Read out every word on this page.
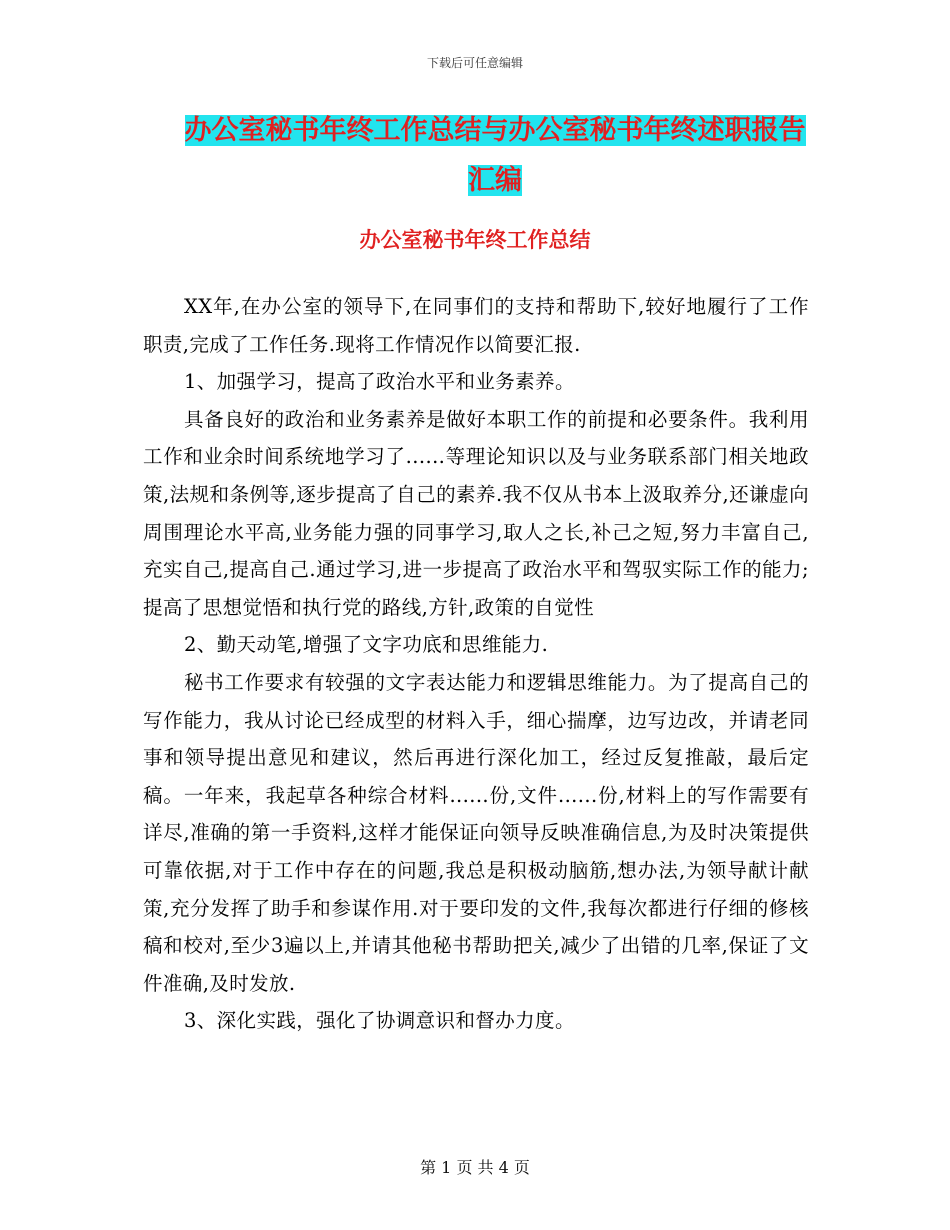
下载后可任意编辑
办公室秘书年终工作总结与办公室秘书年终述职报告
汇编
办公室秘书年终工作总结

XX年,在办公室的领导下,在同事们的支持和帮助下,较好地履行了工作职责,完成了工作任务.现将工作情况作以简要汇报.

1、加强学习，提高了政治水平和业务素养。

具备良好的政治和业务素养是做好本职工作的前提和必要条件。我利用工作和业余时间系统地学习了......等理论知识以及与业务联系部门相关地政策,法规和条例等,逐步提高了自己的素养.我不仅从书本上汲取养分,还谦虚向周围理论水平高,业务能力强的同事学习,取人之长,补己之短,努力丰富自己,充实自己,提高自己.通过学习,进一步提高了政治水平和驾驭实际工作的能力;提高了思想觉悟和执行党的路线,方针,政策的自觉性

2、勤天动笔,增强了文字功底和思维能力.

秘书工作要求有较强的文字表达能力和逻辑思维能力。为了提高自己的写作能力，我从讨论已经成型的材料入手，细心揣摩，边写边改，并请老同事和领导提出意见和建议，然后再进行深化加工，经过反复推敲，最后定稿。一年来，我起草各种综合材料......份,文件......份,材料上的写作需要有详尽,准确的第一手资料,这样才能保证向领导反映准确信息,为及时决策提供可靠依据,对于工作中存在的问题,我总是积极动脑筋,想办法,为领导献计献策,充分发挥了助手和参谋作用.对于要印发的文件,我每次都进行仔细的修核稿和校对,至少3遍以上,并请其他秘书帮助把关,减少了出错的几率,保证了文件准确,及时发放.

3、深化实践，强化了协调意识和督办力度。

第 1 页 共 4 页
